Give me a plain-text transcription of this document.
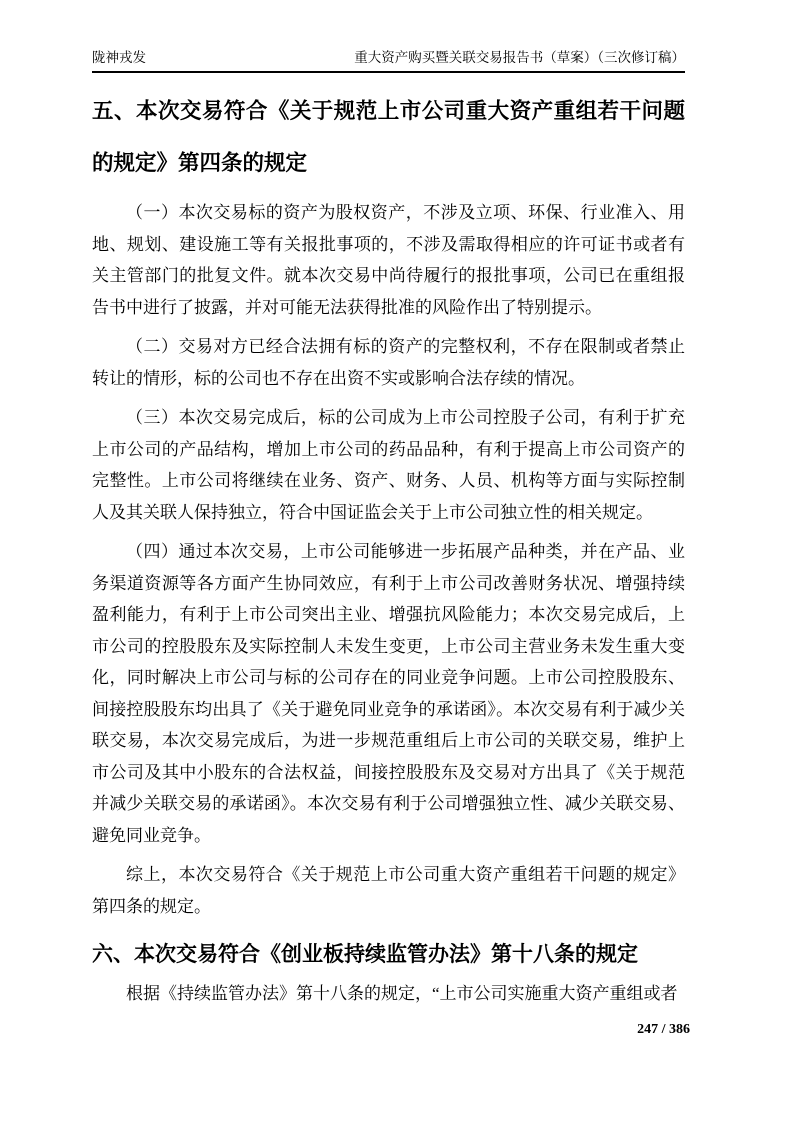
陇神戎发	重大资产购买暨关联交易报告书（草案）（三次修订稿）
五、本次交易符合《关于规范上市公司重大资产重组若干问题的规定》第四条的规定

（一）本次交易标的资产为股权资产，不涉及立项、环保、行业准入、用地、规划、建设施工等有关报批事项的，不涉及需取得相应的许可证书或者有关主管部门的批复文件。就本次交易中尚待履行的报批事项，公司已在重组报告书中进行了披露，并对可能无法获得批准的风险作出了特别提示。

（二）交易对方已经合法拥有标的资产的完整权利，不存在限制或者禁止转让的情形，标的公司也不存在出资不实或影响合法存续的情况。

（三）本次交易完成后，标的公司成为上市公司控股子公司，有利于扩充上市公司的产品结构，增加上市公司的药品品种，有利于提高上市公司资产的完整性。上市公司将继续在业务、资产、财务、人员、机构等方面与实际控制人及其关联人保持独立，符合中国证监会关于上市公司独立性的相关规定。

（四）通过本次交易，上市公司能够进一步拓展产品种类，并在产品、业务渠道资源等各方面产生协同效应，有利于上市公司改善财务状况、增强持续盈利能力，有利于上市公司突出主业、增强抗风险能力；本次交易完成后，上市公司的控股股东及实际控制人未发生变更，上市公司主营业务未发生重大变化，同时解决上市公司与标的公司存在的同业竞争问题。上市公司控股股东、间接控股股东均出具了《关于避免同业竞争的承诺函》。本次交易有利于减少关联交易，本次交易完成后，为进一步规范重组后上市公司的关联交易，维护上市公司及其中小股东的合法权益，间接控股股东及交易对方出具了《关于规范并减少关联交易的承诺函》。本次交易有利于公司增强独立性、减少关联交易、避免同业竞争。

综上，本次交易符合《关于规范上市公司重大资产重组若干问题的规定》第四条的规定。

六、本次交易符合《创业板持续监管办法》第十八条的规定

根据《持续监管办法》第十八条的规定，“上市公司实施重大资产重组或者

247 / 386
